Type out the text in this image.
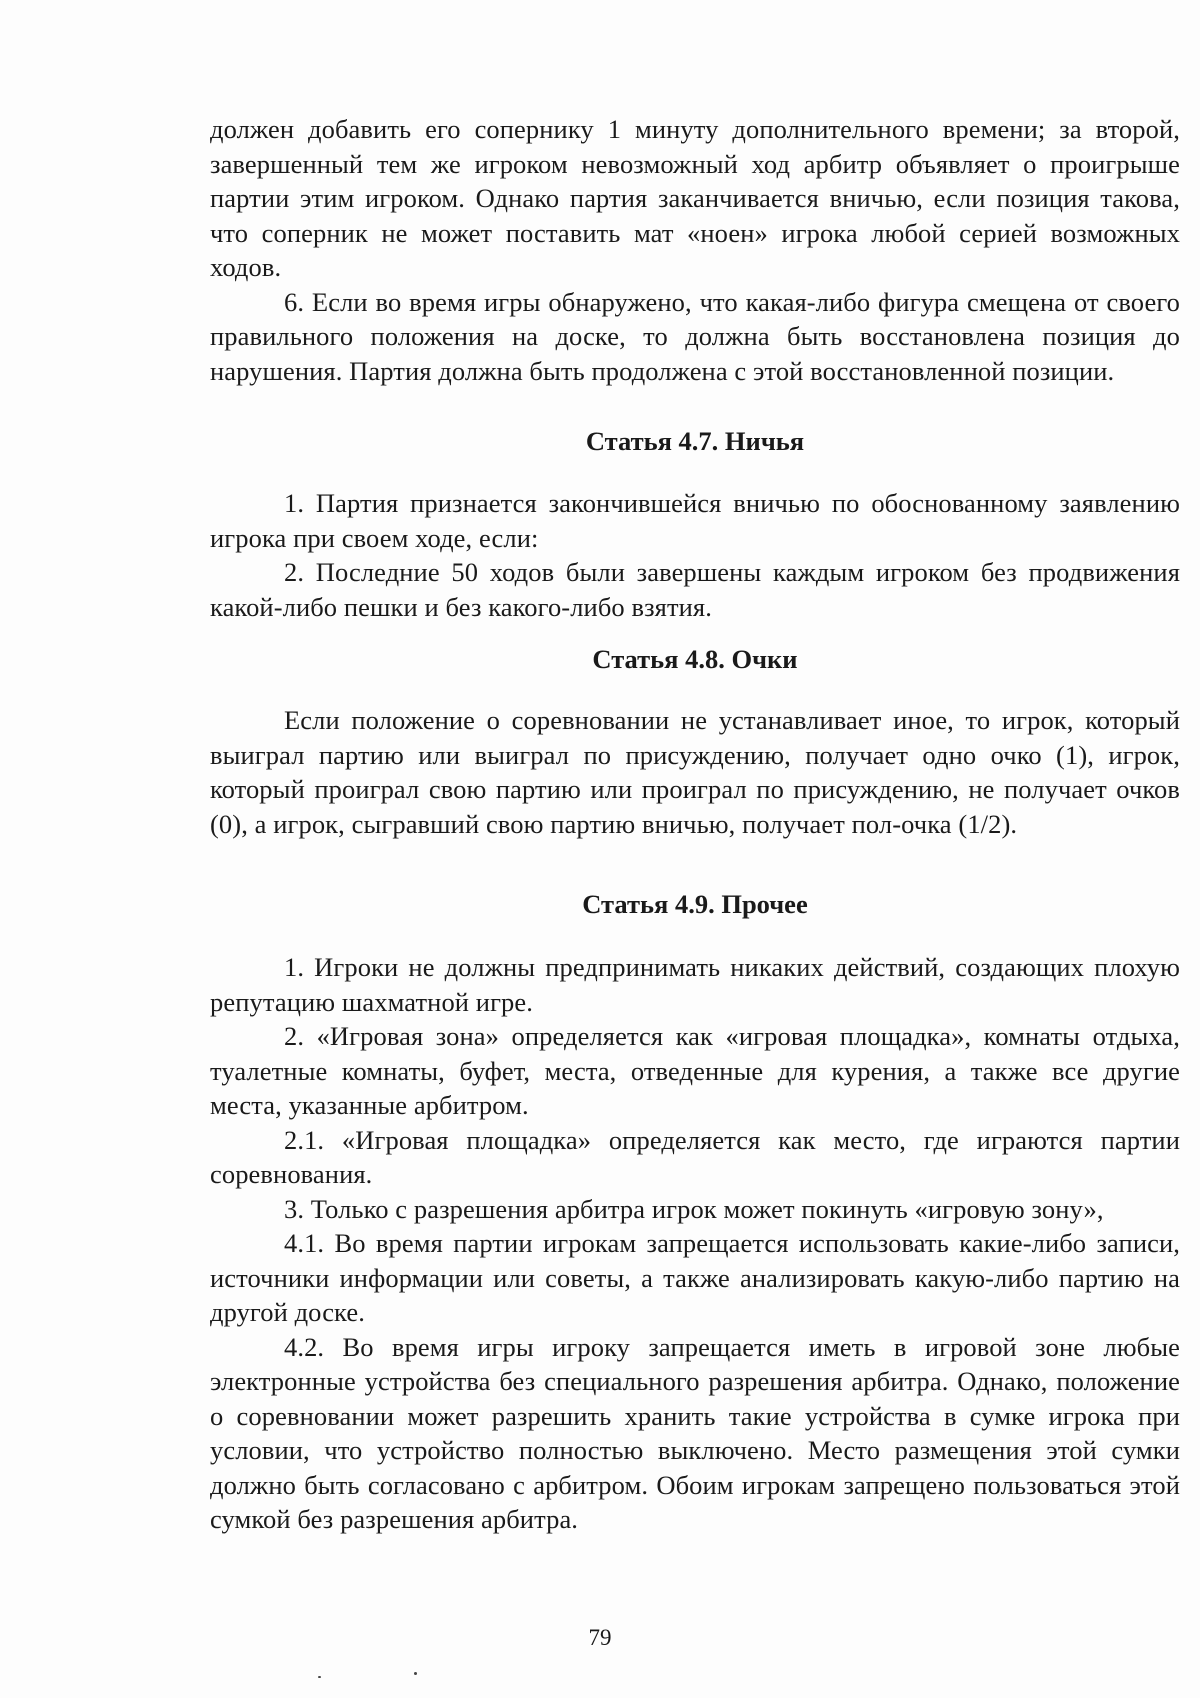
должен добавить его сопернику 1 минуту дополнительного времени; за второй, завершенный тем же игроком невозможный ход арбитр объявляет о проигрыше партии этим игроком. Однако партия заканчивается вничью, если позиция такова, что соперник не может поставить мат «ноен» игрока любой серией возможных ходов.

6. Если во время игры обнаружено, что какая-либо фигура смещена от своего правильного положения на доске, то должна быть восстановлена позиция до нарушения. Партия должна быть продолжена с этой восстановленной позиции.

Статья 4.7. Ничья

1. Партия признается закончившейся вничью по обоснованному заявлению игрока при своем ходе, если:

2. Последние 50 ходов были завершены каждым игроком без продвижения какой-либо пешки и без какого-либо взятия.

Статья 4.8. Очки

Если положение о соревновании не устанавливает иное, то игрок, который выиграл партию или выиграл по присуждению, получает одно очко (1), игрок, который проиграл свою партию или проиграл по присуждению, не получает очков (0), а игрок, сыгравший свою партию вничью, получает пол-очка (1/2).

Статья 4.9. Прочее

1. Игроки не должны предпринимать никаких действий, создающих плохую репутацию шахматной игре.

2. «Игровая зона» определяется как «игровая площадка», комнаты отдыха, туалетные комнаты, буфет, места, отведенные для курения, а также все другие места, указанные арбитром.

2.1. «Игровая площадка» определяется как место, где играются партии соревнования.

3. Только с разрешения арбитра игрок может покинуть «игровую зону»,

4.1. Во время партии игрокам запрещается использовать какие-либо записи, источники информации или советы, а также анализировать какую-либо партию на другой доске.

4.2. Во время игры игроку запрещается иметь в игровой зоне любые электронные устройства без специального разрешения арбитра. Однако, положение о соревновании может разрешить хранить такие устройства в сумке игрока при условии, что устройство полностью выключено. Место размещения этой сумки должно быть согласовано с арбитром. Обоим игрокам запрещено пользоваться этой сумкой без разрешения арбитра.

79
